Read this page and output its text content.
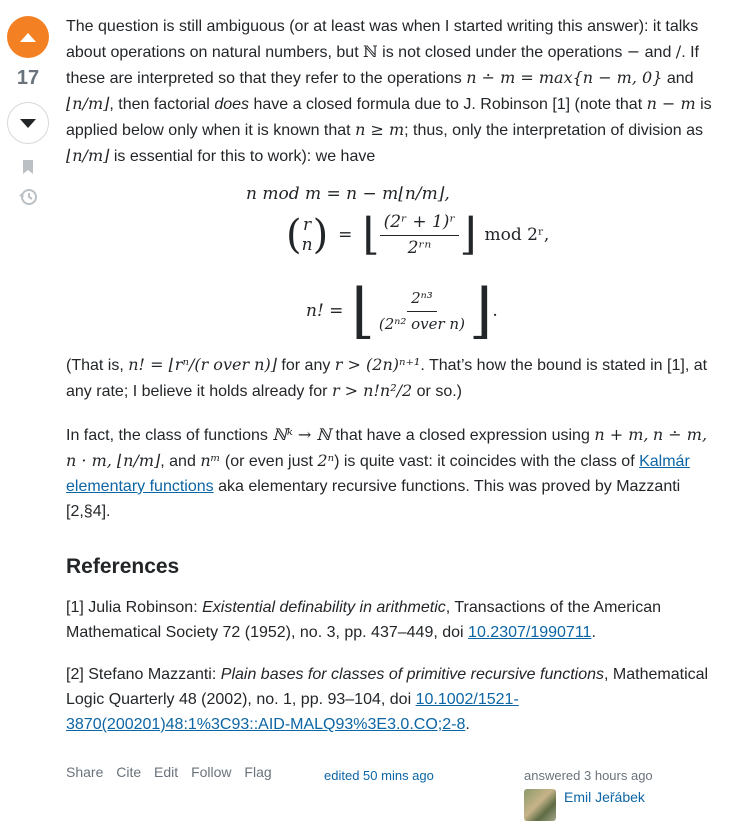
17

The question is still ambiguous (or at least was when I started writing this answer): it talks about operations on natural numbers, but ℕ is not closed under the operations − and /. If these are interpreted so that they refer to the operations n ∸ m = max{n − m, 0} and ⌊n/m⌋, then factorial does have a closed formula due to J. Robinson [1] (note that n − m is applied below only when it is known that n ≥ m; thus, only the interpretation of division as ⌊n/m⌋ is essential for this to work): we have

n mod m = n − m⌊n/m⌋,
( r
n ) = ⌊ $\frac{\text{(2ʳ + 1)ʳ}}{\text{2ʳⁿ}}$ ⌋ mod 2ʳ,
n! = ⌊ $\frac{\text{2ⁿ³}}{\text{(2ⁿ² over n)}}$ ⌋ .

(That is, n! = ⌊rⁿ/(r over n)⌋ for any r > (2n)ⁿ⁺¹. That’s how the bound is stated in [1], at any rate; I believe it holds already for r > n!n²/2 or so.)

In fact, the class of functions ℕᵏ → ℕ that have a closed expression using n + m, n ∸ m, n · m, ⌊n/m⌋, and nᵐ (or even just 2ⁿ) is quite vast: it coincides with the class of Kalmár elementary functions aka elementary recursive functions. This was proved by Mazzanti [2,§4].

References

[1] Julia Robinson: Existential definability in arithmetic, Transactions of the American Mathematical Society 72 (1952), no. 3, pp. 437–449, doi 10.2307/1990711.

[2] Stefano Mazzanti: Plain bases for classes of primitive recursive functions, Mathematical Logic Quarterly 48 (2002), no. 1, pp. 93–104, doi 10.1002/1521-3870(200201)48:1%3C93::AID-MALQ93%3E3.0.CO;2-8.

Share Cite Edit Follow Flag	edited 50 mins ago	answered 3 hours ago
Emil Jeřábek
